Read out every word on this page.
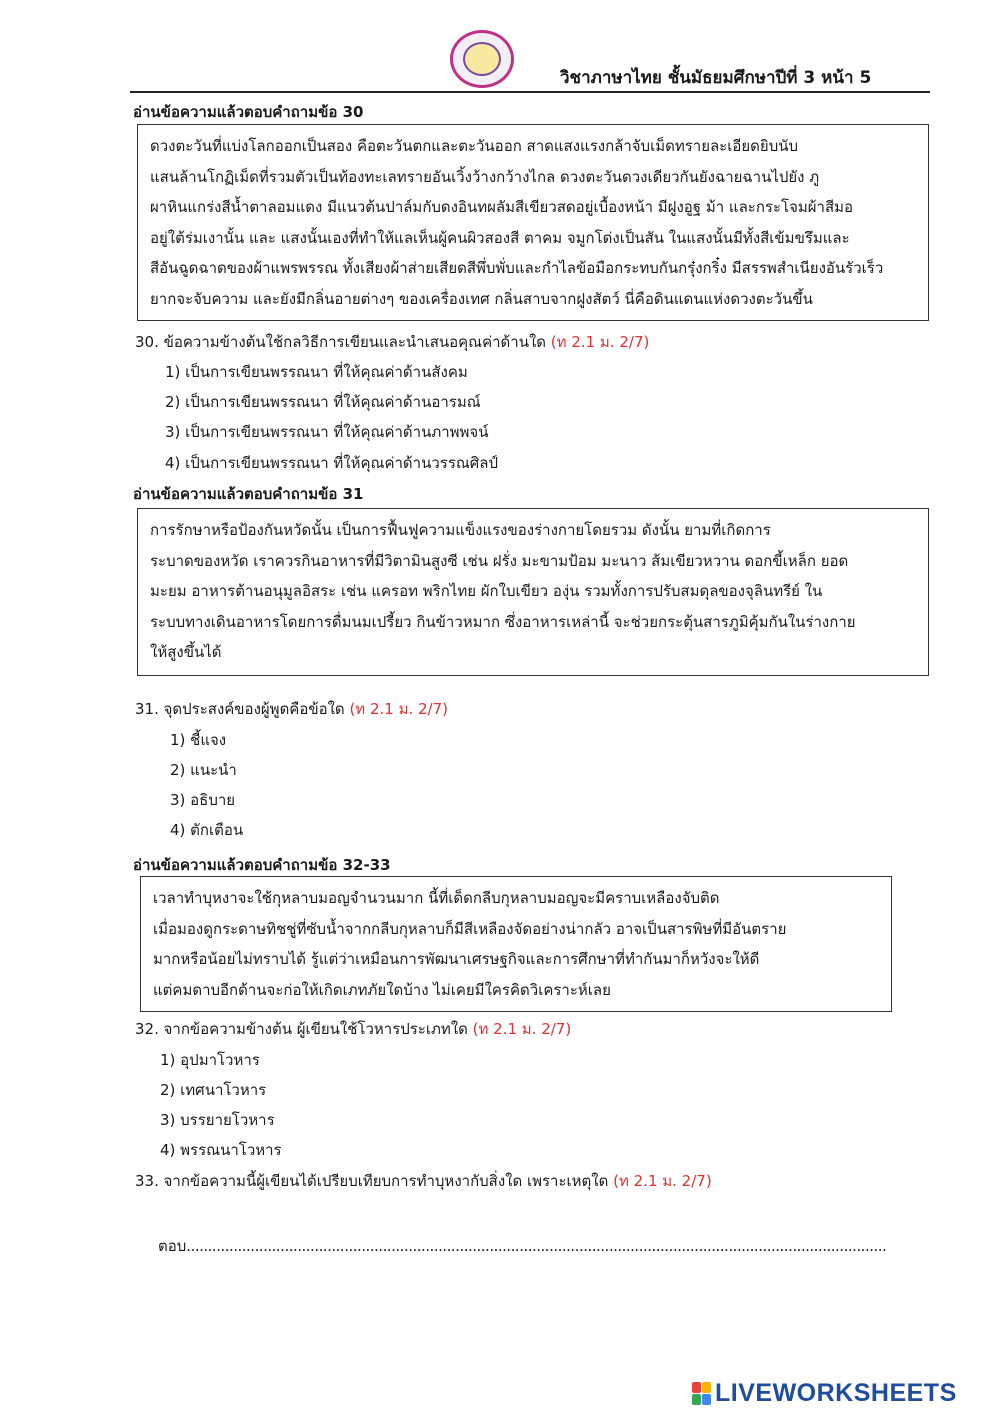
วิชาภาษาไทย ชั้นมัธยมศึกษาปีที่ 3 หน้า 5
อ่านข้อความแล้วตอบคำถามข้อ 30
ดวงตะวันที่แบ่งโลกออกเป็นสอง คือตะวันตกและตะวันออก สาดแสงแรงกล้าจับเม็ดทรายละเอียดยิบนับ
แสนล้านโกฏิเม็ดที่รวมตัวเป็นท้องทะเลทรายอันเวิ้งว้างกว้างไกล ดวงตะวันดวงเดียวกันยังฉายฉานไปยัง ภู
ผาหินแกร่งสีน้ำตาลอมแดง มีแนวต้นปาล์มกับดงอินทผลัมสีเขียวสดอยู่เบื้องหน้า มีฝูงอูฐ ม้า และกระโจมผ้าสีมอ
อยู่ใต้ร่มเงานั้น และ แสงนั้นเองที่ทำให้แลเห็นผู้คนผิวสองสี ตาคม จมูกโด่งเป็นสัน ในแสงนั้นมีทั้งสีเข้มขรึมและ
สีอันฉูดฉาดของผ้าแพรพรรณ ทั้งเสียงผ้าส่ายเสียดสีพึ่บพั่บและกำไลข้อมือกระทบกันกรุ๋งกริ๋ง มีสรรพสำเนียงอันรัวเร็ว
ยากจะจับความ และยังมีกลิ่นอายต่างๆ ของเครื่องเทศ กลิ่นสาบจากฝูงสัตว์ นี่คือดินแดนแห่งดวงตะวันขึ้น
30. ข้อความข้างต้นใช้กลวิธีการเขียนและนำเสนอคุณค่าด้านใด (ท 2.1 ม. 2/7)
1) เป็นการเขียนพรรณนา ที่ให้คุณค่าด้านสังคม
2) เป็นการเขียนพรรณนา ที่ให้คุณค่าด้านอารมณ์
3) เป็นการเขียนพรรณนา ที่ให้คุณค่าด้านภาพพจน์
4) เป็นการเขียนพรรณนา ที่ให้คุณค่าด้านวรรณศิลป์
อ่านข้อความแล้วตอบคำถามข้อ 31
การรักษาหรือป้องกันหวัดนั้น เป็นการฟื้นฟูความแข็งแรงของร่างกายโดยรวม ดังนั้น ยามที่เกิดการ
ระบาดของหวัด เราควรกินอาหารที่มีวิตามินสูงซี เช่น ฝรั่ง มะขามป้อม มะนาว ส้มเขียวหวาน ดอกขี้เหล็ก ยอด
มะยม อาหารต้านอนุมูลอิสระ เช่น แครอท พริกไทย ผักใบเขียว องุ่น รวมทั้งการปรับสมดุลของจุลินทรีย์ ใน
ระบบทางเดินอาหารโดยการดื่มนมเปรี้ยว กินข้าวหมาก ซึ่งอาหารเหล่านี้ จะช่วยกระตุ้นสารภูมิคุ้มกันในร่างกาย
ให้สูงขึ้นได้
31. จุดประสงค์ของผู้พูดคือข้อใด (ท 2.1 ม. 2/7)
1) ชี้แจง
2) แนะนำ
3) อธิบาย
4) ตักเตือน
อ่านข้อความแล้วตอบคำถามข้อ 32-33
เวลาทำบุหงาจะใช้กุหลาบมอญจำนวนมาก นี้ที่เด็ดกลีบกุหลาบมอญจะมีคราบเหลืองจับติด
เมื่อมองดูกระดาษทิชชู่ที่ซับน้ำจากกลีบกุหลาบก็มีสีเหลืองจัดอย่างน่ากลัว อาจเป็นสารพิษที่มีอันตราย
มากหรือน้อยไม่ทราบได้ รู้แต่ว่าเหมือนการพัฒนาเศรษฐกิจและการศึกษาที่ทำกันมาก็หวังจะให้ดี
แต่คมดาบอีกด้านจะก่อให้เกิดเภทภัยใดบ้าง ไม่เคยมีใครคิดวิเคราะห์เลย
32. จากข้อความข้างต้น ผู้เขียนใช้โวหารประเภทใด (ท 2.1 ม. 2/7)
1) อุปมาโวหาร
2) เทศนาโวหาร
3) บรรยายโวหาร
4) พรรณนาโวหาร
33. จากข้อความนี้ผู้เขียนได้เปรียบเทียบการทำบุหงากับสิ่งใด เพราะเหตุใด (ท 2.1 ม. 2/7)
ตอบ....................................................................................................................................................................
LIVEWORKSHEETS
